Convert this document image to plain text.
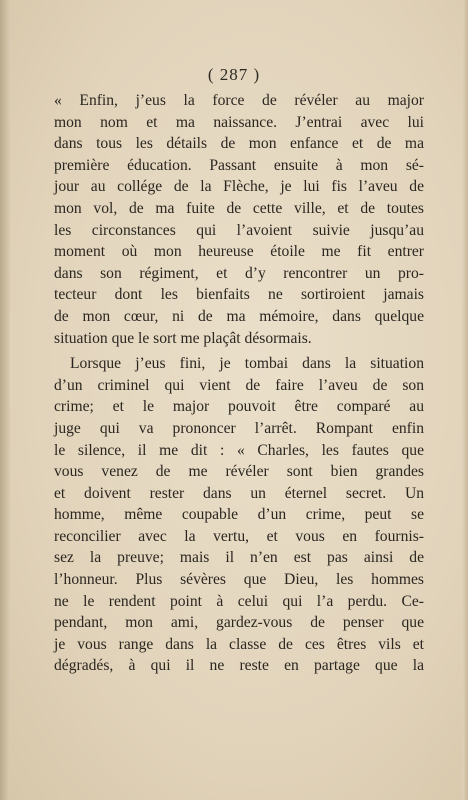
( 287 )
« Enfin, j’eus la force de révéler au major
mon nom et ma naissance. J’entrai avec lui
dans tous les détails de mon enfance et de ma
première éducation. Passant ensuite à mon sé-
jour au collége de la Flèche, je lui fis l’aveu de
mon vol, de ma fuite de cette ville, et de toutes
les circonstances qui l’avoient suivie jusqu’au
moment où mon heureuse étoile me fit entrer
dans son régiment, et d’y rencontrer un pro-
tecteur dont les bienfaits ne sortiroient jamais
de mon cœur, ni de ma mémoire, dans quelque
situation que le sort me plaçât désormais.
Lorsque j’eus fini, je tombai dans la situation
d’un criminel qui vient de faire l’aveu de son
crime; et le major pouvoit être comparé au
juge qui va prononcer l’arrêt. Rompant enfin
le silence, il me dit : « Charles, les fautes que
vous venez de me révéler sont bien grandes
et doivent rester dans un éternel secret. Un
homme, même coupable d’un crime, peut se
reconcilier avec la vertu, et vous en fournis-
sez la preuve; mais il n’en est pas ainsi de
l’honneur. Plus sévères que Dieu, les hommes
ne le rendent point à celui qui l’a perdu. Ce-
pendant, mon ami, gardez-vous de penser que
je vous range dans la classe de ces êtres vils et
dégradés, à qui il ne reste en partage que la
